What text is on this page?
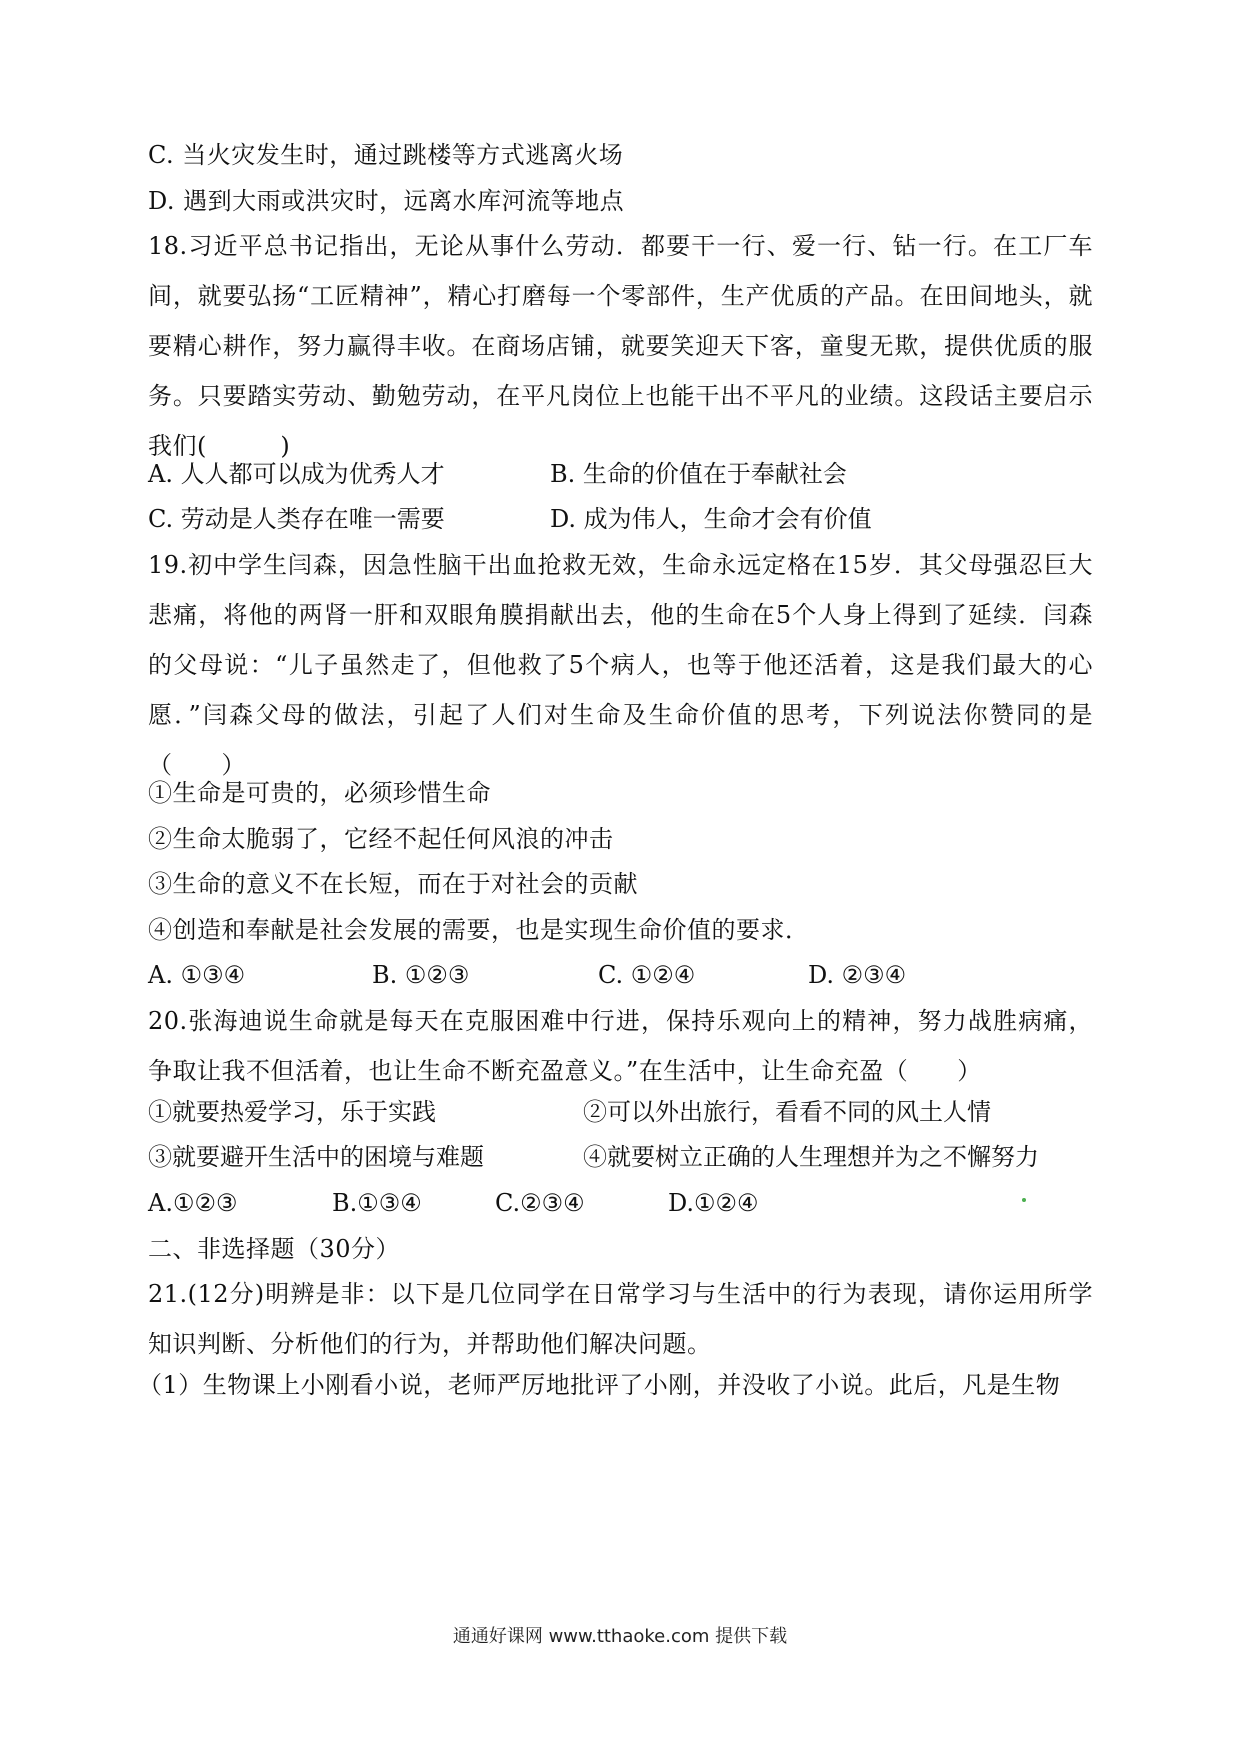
C. 当火灾发生时，通过跳楼等方式逃离火场
D. 遇到大雨或洪灾时，远离水库河流等地点
18.习近平总书记指出，无论从事什么劳动．都要干一行、爱一行、钻一行。在工厂车间，就要弘扬“工匠精神”，精心打磨每一个零部件，生产优质的产品。在田间地头，就要精心耕作，努力赢得丰收。在商场店铺，就要笑迎天下客，童叟无欺，提供优质的服务。只要踏实劳动、勤勉劳动，在平凡岗位上也能干出不平凡的业绩。这段话主要启示我们(　　　)
A. 人人都可以成为优秀人才	B. 生命的价值在于奉献社会
C. 劳动是人类存在唯一需要	D. 成为伟人，生命才会有价值
19.初中学生闫森，因急性脑干出血抢救无效，生命永远定格在15岁．其父母强忍巨大悲痛，将他的两肾一肝和双眼角膜捐献出去，他的生命在5个人身上得到了延续．闫森的父母说：“儿子虽然走了，但他救了5个病人，也等于他还活着，这是我们最大的心愿．”闫森父母的做法，引起了人们对生命及生命价值的思考，下列说法你赞同的是（　　）
①生命是可贵的，必须珍惜生命
②生命太脆弱了，它经不起任何风浪的冲击
③生命的意义不在长短，而在于对社会的贡献
④创造和奉献是社会发展的需要，也是实现生命价值的要求．
A. ①③④	B. ①②③	C. ①②④	D. ②③④
20.张海迪说生命就是每天在克服困难中行进，保持乐观向上的精神，努力战胜病痛，争取让我不但活着，也让生命不断充盈意义。”在生活中，让生命充盈（　　）
①就要热爱学习，乐于实践	②可以外出旅行，看看不同的风土人情
③就要避开生活中的困境与难题	④就要树立正确的人生理想并为之不懈努力
A.①②③	B.①③④	C.②③④	D.①②④
二、非选择题（30分）
21.(12分)明辨是非：以下是几位同学在日常学习与生活中的行为表现，请你运用所学知识判断、分析他们的行为，并帮助他们解决问题。
（1）生物课上小刚看小说，老师严厉地批评了小刚，并没收了小说。此后，凡是生物
通通好课网 www.tthaoke.com 提供下载
